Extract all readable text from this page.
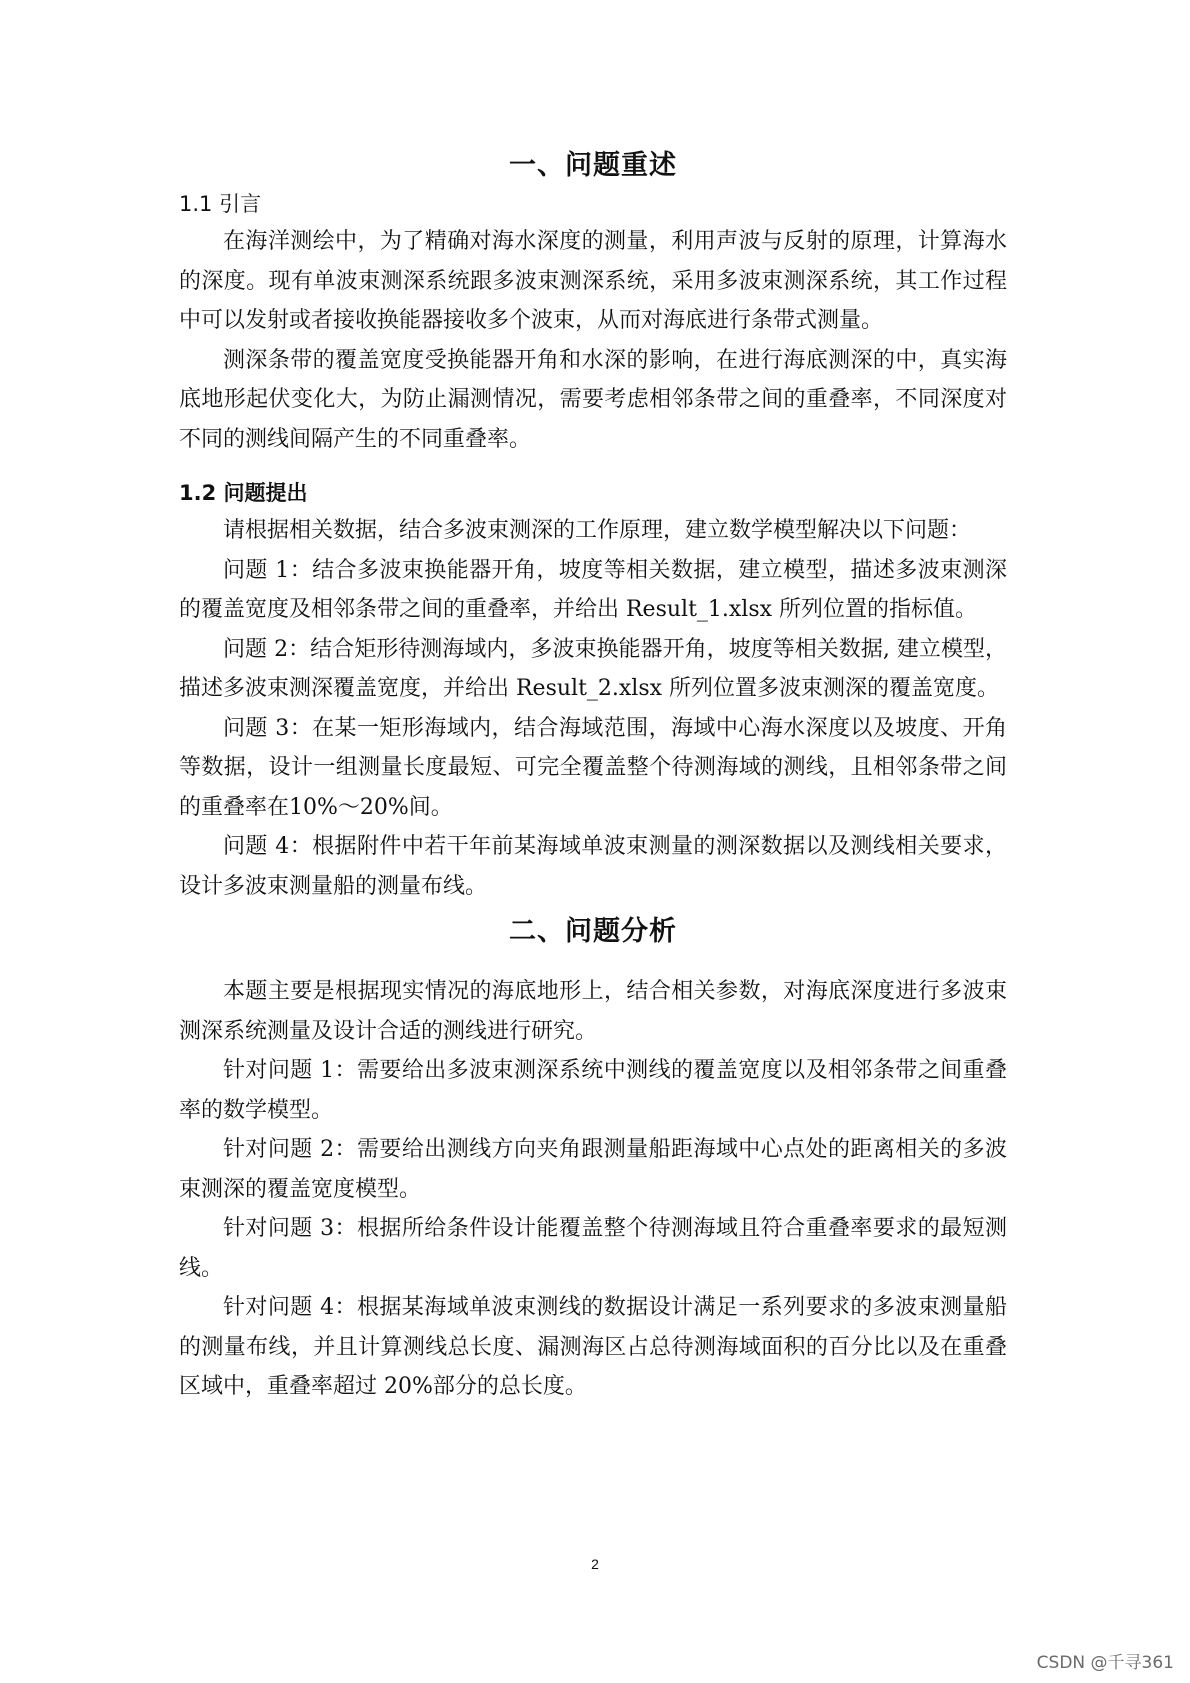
一、问题重述
1.1 引言

在海洋测绘中，为了精确对海水深度的测量，利用声波与反射的原理，计算海水的深度。现有单波束测深系统跟多波束测深系统，采用多波束测深系统，其工作过程中可以发射或者接收换能器接收多个波束，从而对海底进行条带式测量。

测深条带的覆盖宽度受换能器开角和水深的影响，在进行海底测深的中，真实海底地形起伏变化大，为防止漏测情况，需要考虑相邻条带之间的重叠率，不同深度对不同的测线间隔产生的不同重叠率。

1.2 问题提出

请根据相关数据，结合多波束测深的工作原理，建立数学模型解决以下问题：

问题 1：结合多波束换能器开角，坡度等相关数据，建立模型，描述多波束测深的覆盖宽度及相邻条带之间的重叠率，并给出 Result_1.xlsx 所列位置的指标值。

问题 2：结合矩形待测海域内，多波束换能器开角，坡度等相关数据, 建立模型，描述多波束测深覆盖宽度，并给出 Result_2.xlsx 所列位置多波束测深的覆盖宽度。

问题 3：在某一矩形海域内，结合海域范围，海域中心海水深度以及坡度、开角等数据，设计一组测量长度最短、可完全覆盖整个待测海域的测线，且相邻条带之间的重叠率在10%～20%间。

问题 4：根据附件中若干年前某海域单波束测量的测深数据以及测线相关要求，设计多波束测量船的测量布线。

二、问题分析

本题主要是根据现实情况的海底地形上，结合相关参数，对海底深度进行多波束测深系统测量及设计合适的测线进行研究。

针对问题 1：需要给出多波束测深系统中测线的覆盖宽度以及相邻条带之间重叠率的数学模型。

针对问题 2：需要给出测线方向夹角跟测量船距海域中心点处的距离相关的多波束测深的覆盖宽度模型。

针对问题 3：根据所给条件设计能覆盖整个待测海域且符合重叠率要求的最短测线。

针对问题 4：根据某海域单波束测线的数据设计满足一系列要求的多波束测量船的测量布线，并且计算测线总长度、漏测海区占总待测海域面积的百分比以及在重叠区域中，重叠率超过 20%部分的总长度。

2
CSDN @千寻361
